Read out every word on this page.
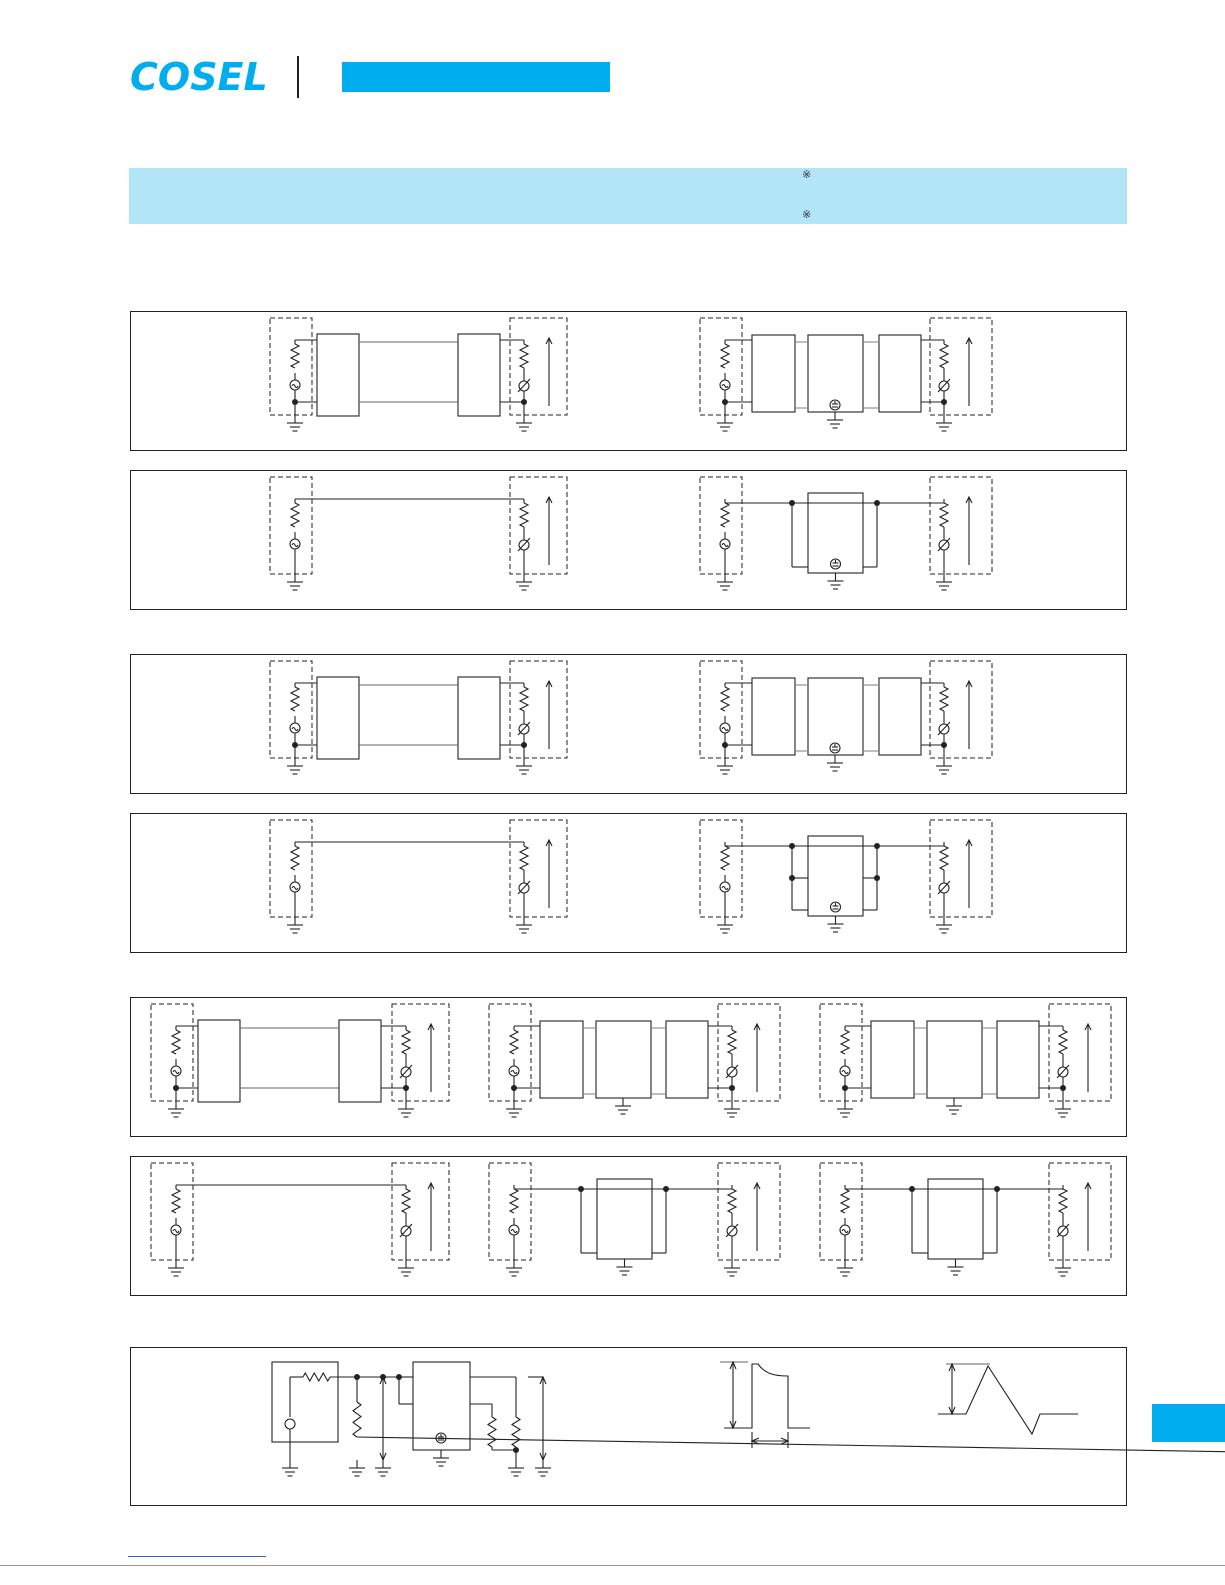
COSEL
※
※
